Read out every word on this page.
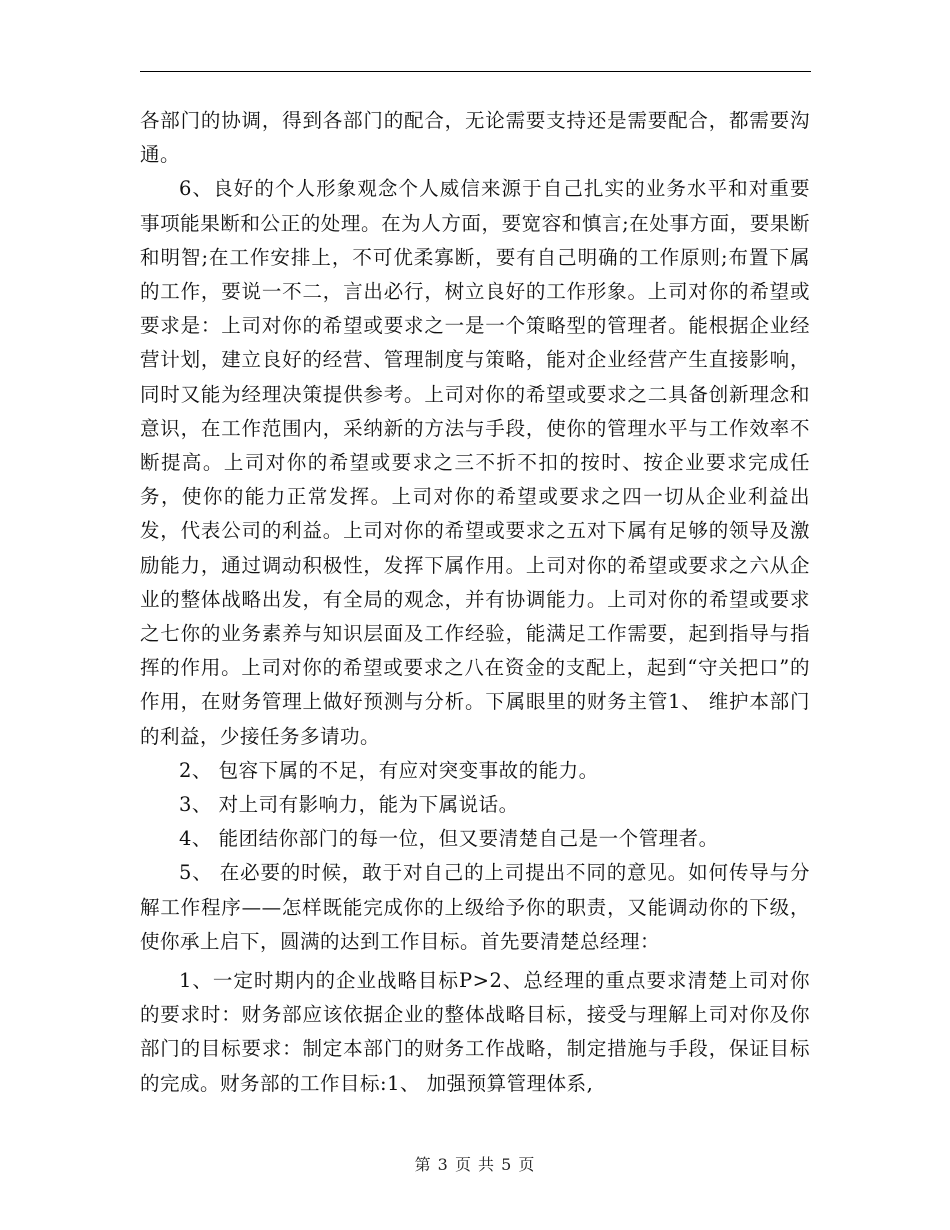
各部门的协调，得到各部门的配合，无论需要支持还是需要配合，都需要沟通。

6、良好的个人形象观念个人威信来源于自己扎实的业务水平和对重要事项能果断和公正的处理。在为人方面，要宽容和慎言;在处事方面，要果断和明智;在工作安排上，不可优柔寡断，要有自己明确的工作原则;布置下属的工作，要说一不二，言出必行，树立良好的工作形象。上司对你的希望或要求是：上司对你的希望或要求之一是一个策略型的管理者。能根据企业经营计划，建立良好的经营、管理制度与策略，能对企业经营产生直接影响，同时又能为经理决策提供参考。上司对你的希望或要求之二具备创新理念和意识，在工作范围内，采纳新的方法与手段，使你的管理水平与工作效率不断提高。上司对你的希望或要求之三不折不扣的按时、按企业要求完成任务，使你的能力正常发挥。上司对你的希望或要求之四一切从企业利益出发，代表公司的利益。上司对你的希望或要求之五对下属有足够的领导及激励能力，通过调动积极性，发挥下属作用。上司对你的希望或要求之六从企业的整体战略出发，有全局的观念，并有协调能力。上司对你的希望或要求之七你的业务素养与知识层面及工作经验，能满足工作需要，起到指导与指挥的作用。上司对你的希望或要求之八在资金的支配上，起到“守关把口”的作用，在财务管理上做好预测与分析。下属眼里的财务主管1、 维护本部门的利益，少接任务多请功。

2、 包容下属的不足，有应对突变事故的能力。

3、 对上司有影响力，能为下属说话。

4、 能团结你部门的每一位，但又要清楚自己是一个管理者。

5、 在必要的时候，敢于对自己的上司提出不同的意见。如何传导与分解工作程序——怎样既能完成你的上级给予你的职责，又能调动你的下级，使你承上启下，圆满的达到工作目标。首先要清楚总经理：

1、一定时期内的企业战略目标P>2、总经理的重点要求清楚上司对你的要求时：财务部应该依据企业的整体战略目标，接受与理解上司对你及你部门的目标要求：制定本部门的财务工作战略，制定措施与手段，保证目标的完成。财务部的工作目标:1、 加强预算管理体系,

第 3 页 共 5 页
